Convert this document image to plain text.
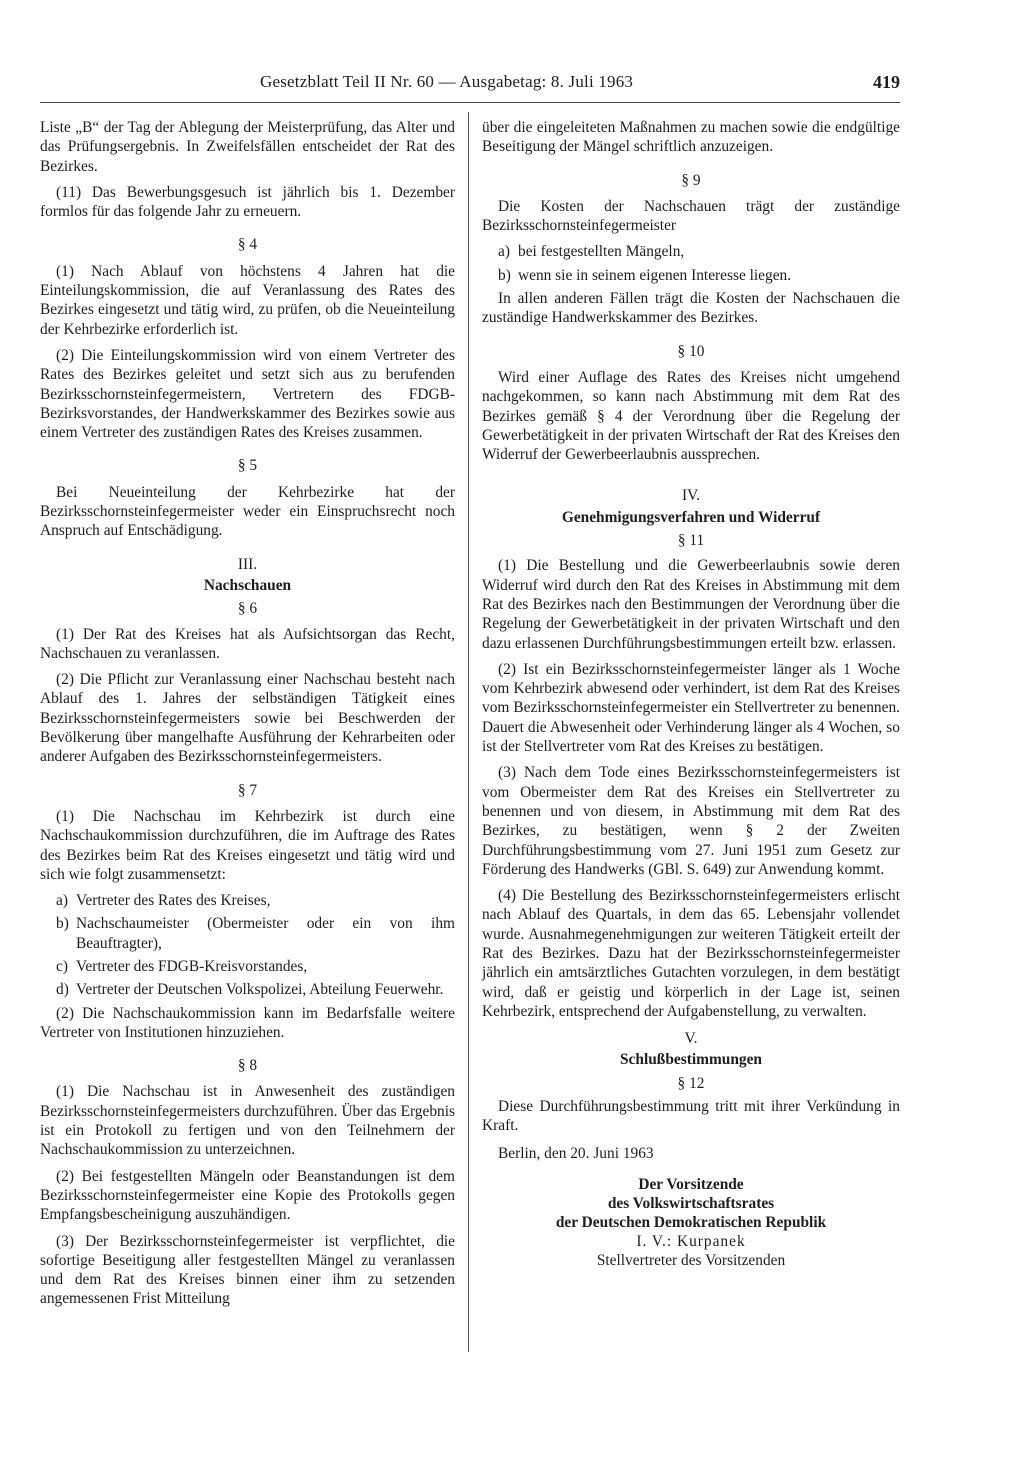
Gesetzblatt Teil II Nr. 60 — Ausgabetag: 8. Juli 1963	419

Liste „B“ der Tag der Ablegung der Meisterprüfung, das Alter und das Prüfungsergebnis. In Zweifelsfällen entscheidet der Rat des Bezirkes.

(11) Das Bewerbungsgesuch ist jährlich bis 1. Dezember formlos für das folgende Jahr zu erneuern.

§ 4

(1) Nach Ablauf von höchstens 4 Jahren hat die Einteilungskommission, die auf Veranlassung des Rates des Bezirkes eingesetzt und tätig wird, zu prüfen, ob die Neueinteilung der Kehrbezirke erforderlich ist.

(2) Die Einteilungskommission wird von einem Vertreter des Rates des Bezirkes geleitet und setzt sich aus zu berufenden Bezirksschornsteinfegermeistern, Vertretern des FDGB-Bezirksvorstandes, der Handwerkskammer des Bezirkes sowie aus einem Vertreter des zuständigen Rates des Kreises zusammen.

§ 5

Bei Neueinteilung der Kehrbezirke hat der Bezirksschornsteinfegermeister weder ein Einspruchsrecht noch Anspruch auf Entschädigung.

III.
Nachschauen
§ 6

(1) Der Rat des Kreises hat als Aufsichtsorgan das Recht, Nachschauen zu veranlassen.

(2) Die Pflicht zur Veranlassung einer Nachschau besteht nach Ablauf des 1. Jahres der selbständigen Tätigkeit eines Bezirksschornsteinfegermeisters sowie bei Beschwerden der Bevölkerung über mangelhafte Ausführung der Kehrarbeiten oder anderer Aufgaben des Bezirksschornsteinfegermeisters.

§ 7

(1) Die Nachschau im Kehrbezirk ist durch eine Nachschaukommission durchzuführen, die im Auftrage des Rates des Bezirkes beim Rat des Kreises eingesetzt und tätig wird und sich wie folgt zusammensetzt:

a) Vertreter des Rates des Kreises,
b) Nachschaumeister (Obermeister oder ein von ihm Beauftragter),
c) Vertreter des FDGB-Kreisvorstandes,
d) Vertreter der Deutschen Volkspolizei, Abteilung Feuerwehr.

(2) Die Nachschaukommission kann im Bedarfsfalle weitere Vertreter von Institutionen hinzuziehen.

§ 8

(1) Die Nachschau ist in Anwesenheit des zuständigen Bezirksschornsteinfegermeisters durchzuführen. Über das Ergebnis ist ein Protokoll zu fertigen und von den Teilnehmern der Nachschaukommission zu unterzeichnen.

(2) Bei festgestellten Mängeln oder Beanstandungen ist dem Bezirksschornsteinfegermeister eine Kopie des Protokolls gegen Empfangsbescheinigung auszuhändigen.

(3) Der Bezirksschornsteinfegermeister ist verpflichtet, die sofortige Beseitigung aller festgestellten Mängel zu veranlassen und dem Rat des Kreises binnen einer ihm zu setzenden angemessenen Frist Mitteilung

über die eingeleiteten Maßnahmen zu machen sowie die endgültige Beseitigung der Mängel schriftlich anzuzeigen.

§ 9

Die Kosten der Nachschauen trägt der zuständige Bezirksschornsteinfegermeister

a) bei festgestellten Mängeln,
b) wenn sie in seinem eigenen Interesse liegen.

In allen anderen Fällen trägt die Kosten der Nachschauen die zuständige Handwerkskammer des Bezirkes.

§ 10

Wird einer Auflage des Rates des Kreises nicht umgehend nachgekommen, so kann nach Abstimmung mit dem Rat des Bezirkes gemäß § 4 der Verordnung über die Regelung der Gewerbetätigkeit in der privaten Wirtschaft der Rat des Kreises den Widerruf der Gewerbeerlaubnis aussprechen.

IV.
Genehmigungsverfahren und Widerruf
§ 11

(1) Die Bestellung und die Gewerbeerlaubnis sowie deren Widerruf wird durch den Rat des Kreises in Abstimmung mit dem Rat des Bezirkes nach den Bestimmungen der Verordnung über die Regelung der Gewerbetätigkeit in der privaten Wirtschaft und den dazu erlassenen Durchführungsbestimmungen erteilt bzw. erlassen.

(2) Ist ein Bezirksschornsteinfegermeister länger als 1 Woche vom Kehrbezirk abwesend oder verhindert, ist dem Rat des Kreises vom Bezirksschornsteinfegermeister ein Stellvertreter zu benennen. Dauert die Abwesenheit oder Verhinderung länger als 4 Wochen, so ist der Stellvertreter vom Rat des Kreises zu bestätigen.

(3) Nach dem Tode eines Bezirksschornsteinfegermeisters ist vom Obermeister dem Rat des Kreises ein Stellvertreter zu benennen und von diesem, in Abstimmung mit dem Rat des Bezirkes, zu bestätigen, wenn § 2 der Zweiten Durchführungsbestimmung vom 27. Juni 1951 zum Gesetz zur Förderung des Handwerks (GBl. S. 649) zur Anwendung kommt.

(4) Die Bestellung des Bezirksschornsteinfegermeisters erlischt nach Ablauf des Quartals, in dem das 65. Lebensjahr vollendet wurde. Ausnahmegenehmigungen zur weiteren Tätigkeit erteilt der Rat des Bezirkes. Dazu hat der Bezirksschornsteinfegermeister jährlich ein amtsärztliches Gutachten vorzulegen, in dem bestätigt wird, daß er geistig und körperlich in der Lage ist, seinen Kehrbezirk, entsprechend der Aufgabenstellung, zu verwalten.

V.
Schlußbestimmungen
§ 12

Diese Durchführungsbestimmung tritt mit ihrer Verkündung in Kraft.

Berlin, den 20. Juni 1963

Der Vorsitzende
des Volkswirtschaftsrates
der Deutschen Demokratischen Republik
I. V.: Kurpanek
Stellvertreter des Vorsitzenden
